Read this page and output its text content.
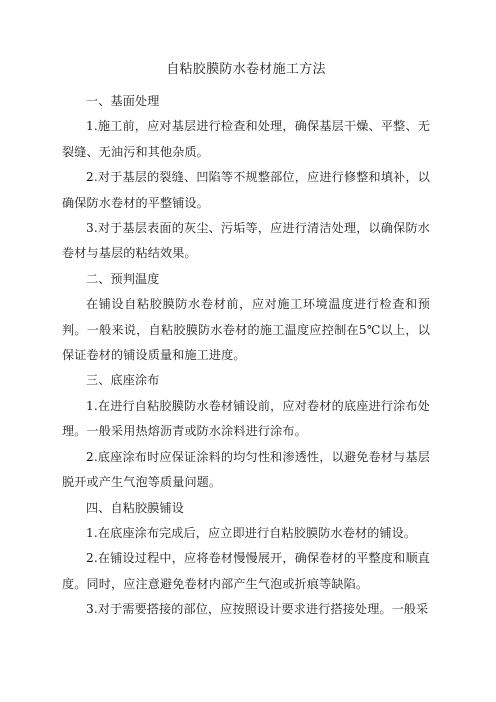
自粘胶膜防水卷材施工方法

一、基面处理

1.施工前，应对基层进行检查和处理，确保基层干燥、平整、无裂缝、无油污和其他杂质。

2.对于基层的裂缝、凹陷等不规整部位，应进行修整和填补，以确保防水卷材的平整铺设。

3.对于基层表面的灰尘、污垢等，应进行清洁处理，以确保防水卷材与基层的粘结效果。

二、预判温度

在铺设自粘胶膜防水卷材前，应对施工环境温度进行检查和预判。一般来说，自粘胶膜防水卷材的施工温度应控制在5℃以上，以保证卷材的铺设质量和施工进度。

三、底座涂布

1.在进行自粘胶膜防水卷材铺设前，应对卷材的底座进行涂布处理。一般采用热熔沥青或防水涂料进行涂布。

2.底座涂布时应保证涂料的均匀性和渗透性，以避免卷材与基层脱开或产生气泡等质量问题。

四、自粘胶膜铺设

1.在底座涂布完成后，应立即进行自粘胶膜防水卷材的铺设。

2.在铺设过程中，应将卷材慢慢展开，确保卷材的平整度和顺直度。同时，应注意避免卷材内部产生气泡或折痕等缺陷。

3.对于需要搭接的部位，应按照设计要求进行搭接处理。一般采
